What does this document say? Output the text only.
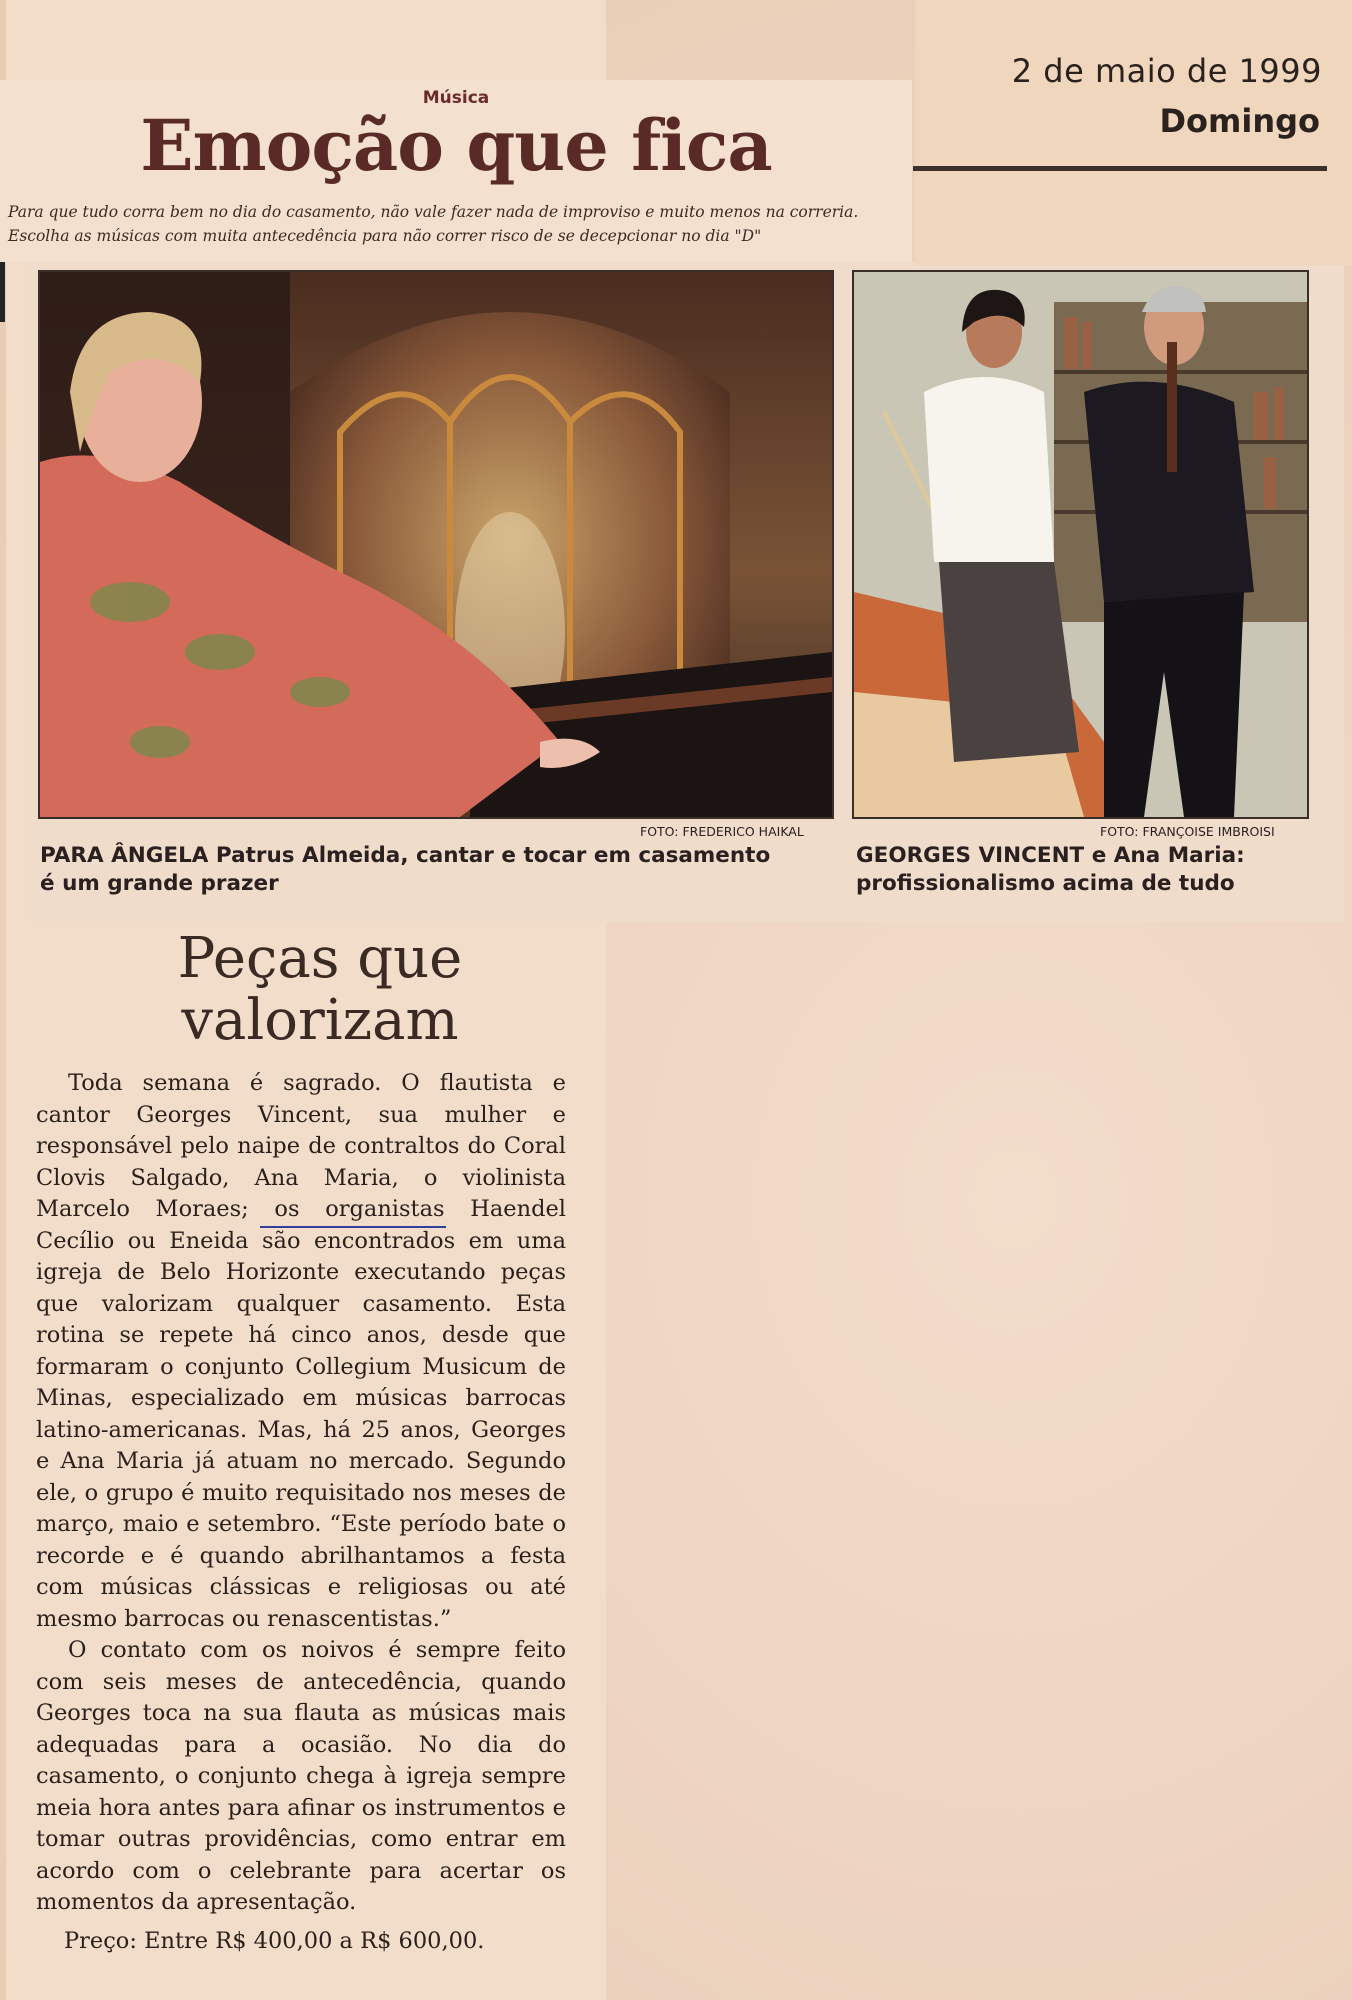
2 de maio de 1999
Domingo
Música
Emoção que fica
Para que tudo corra bem no dia do casamento, não vale fazer nada de improviso e muito menos na correria.
Escolha as músicas com muita antecedência para não correr risco de se decepcionar no dia "D"
FOTO: FREDERICO HAIKAL
PARA ÂNGELA Patrus Almeida, cantar e tocar em casamento
é um grande prazer
FOTO: FRANÇOISE IMBROISI
GEORGES VINCENT e Ana Maria:
profissionalismo acima de tudo
Peças que
valorizam

Toda semana é sagrado. O flautista e cantor Georges Vincent, sua mulher e responsável pelo naipe de contraltos do Coral Clovis Salgado, Ana Maria, o violinista Marcelo Moraes; os organistas Haendel Cecílio ou Eneida são encontrados em uma igreja de Belo Horizonte executando peças que valorizam qualquer casamento. Esta rotina se repete há cinco anos, desde que formaram o conjunto Collegium Musicum de Minas, especializado em músicas barrocas latino-americanas. Mas, há 25 anos, Georges e Ana Maria já atuam no mercado. Segundo ele, o grupo é muito requisitado nos meses de março, maio e setembro. “Este período bate o recorde e é quando abrilhantamos a festa com músicas clássicas e religiosas ou até mesmo barrocas ou renascentistas.”

O contato com os noivos é sempre feito com seis meses de antecedência, quando Georges toca na sua flauta as músicas mais adequadas para a ocasião. No dia do casamento, o conjunto chega à igreja sempre meia hora antes para afinar os instrumentos e tomar outras providências, como entrar em acordo com o celebrante para acertar os momentos da apresentação.

Preço: Entre R$ 400,00 a R$ 600,00.
